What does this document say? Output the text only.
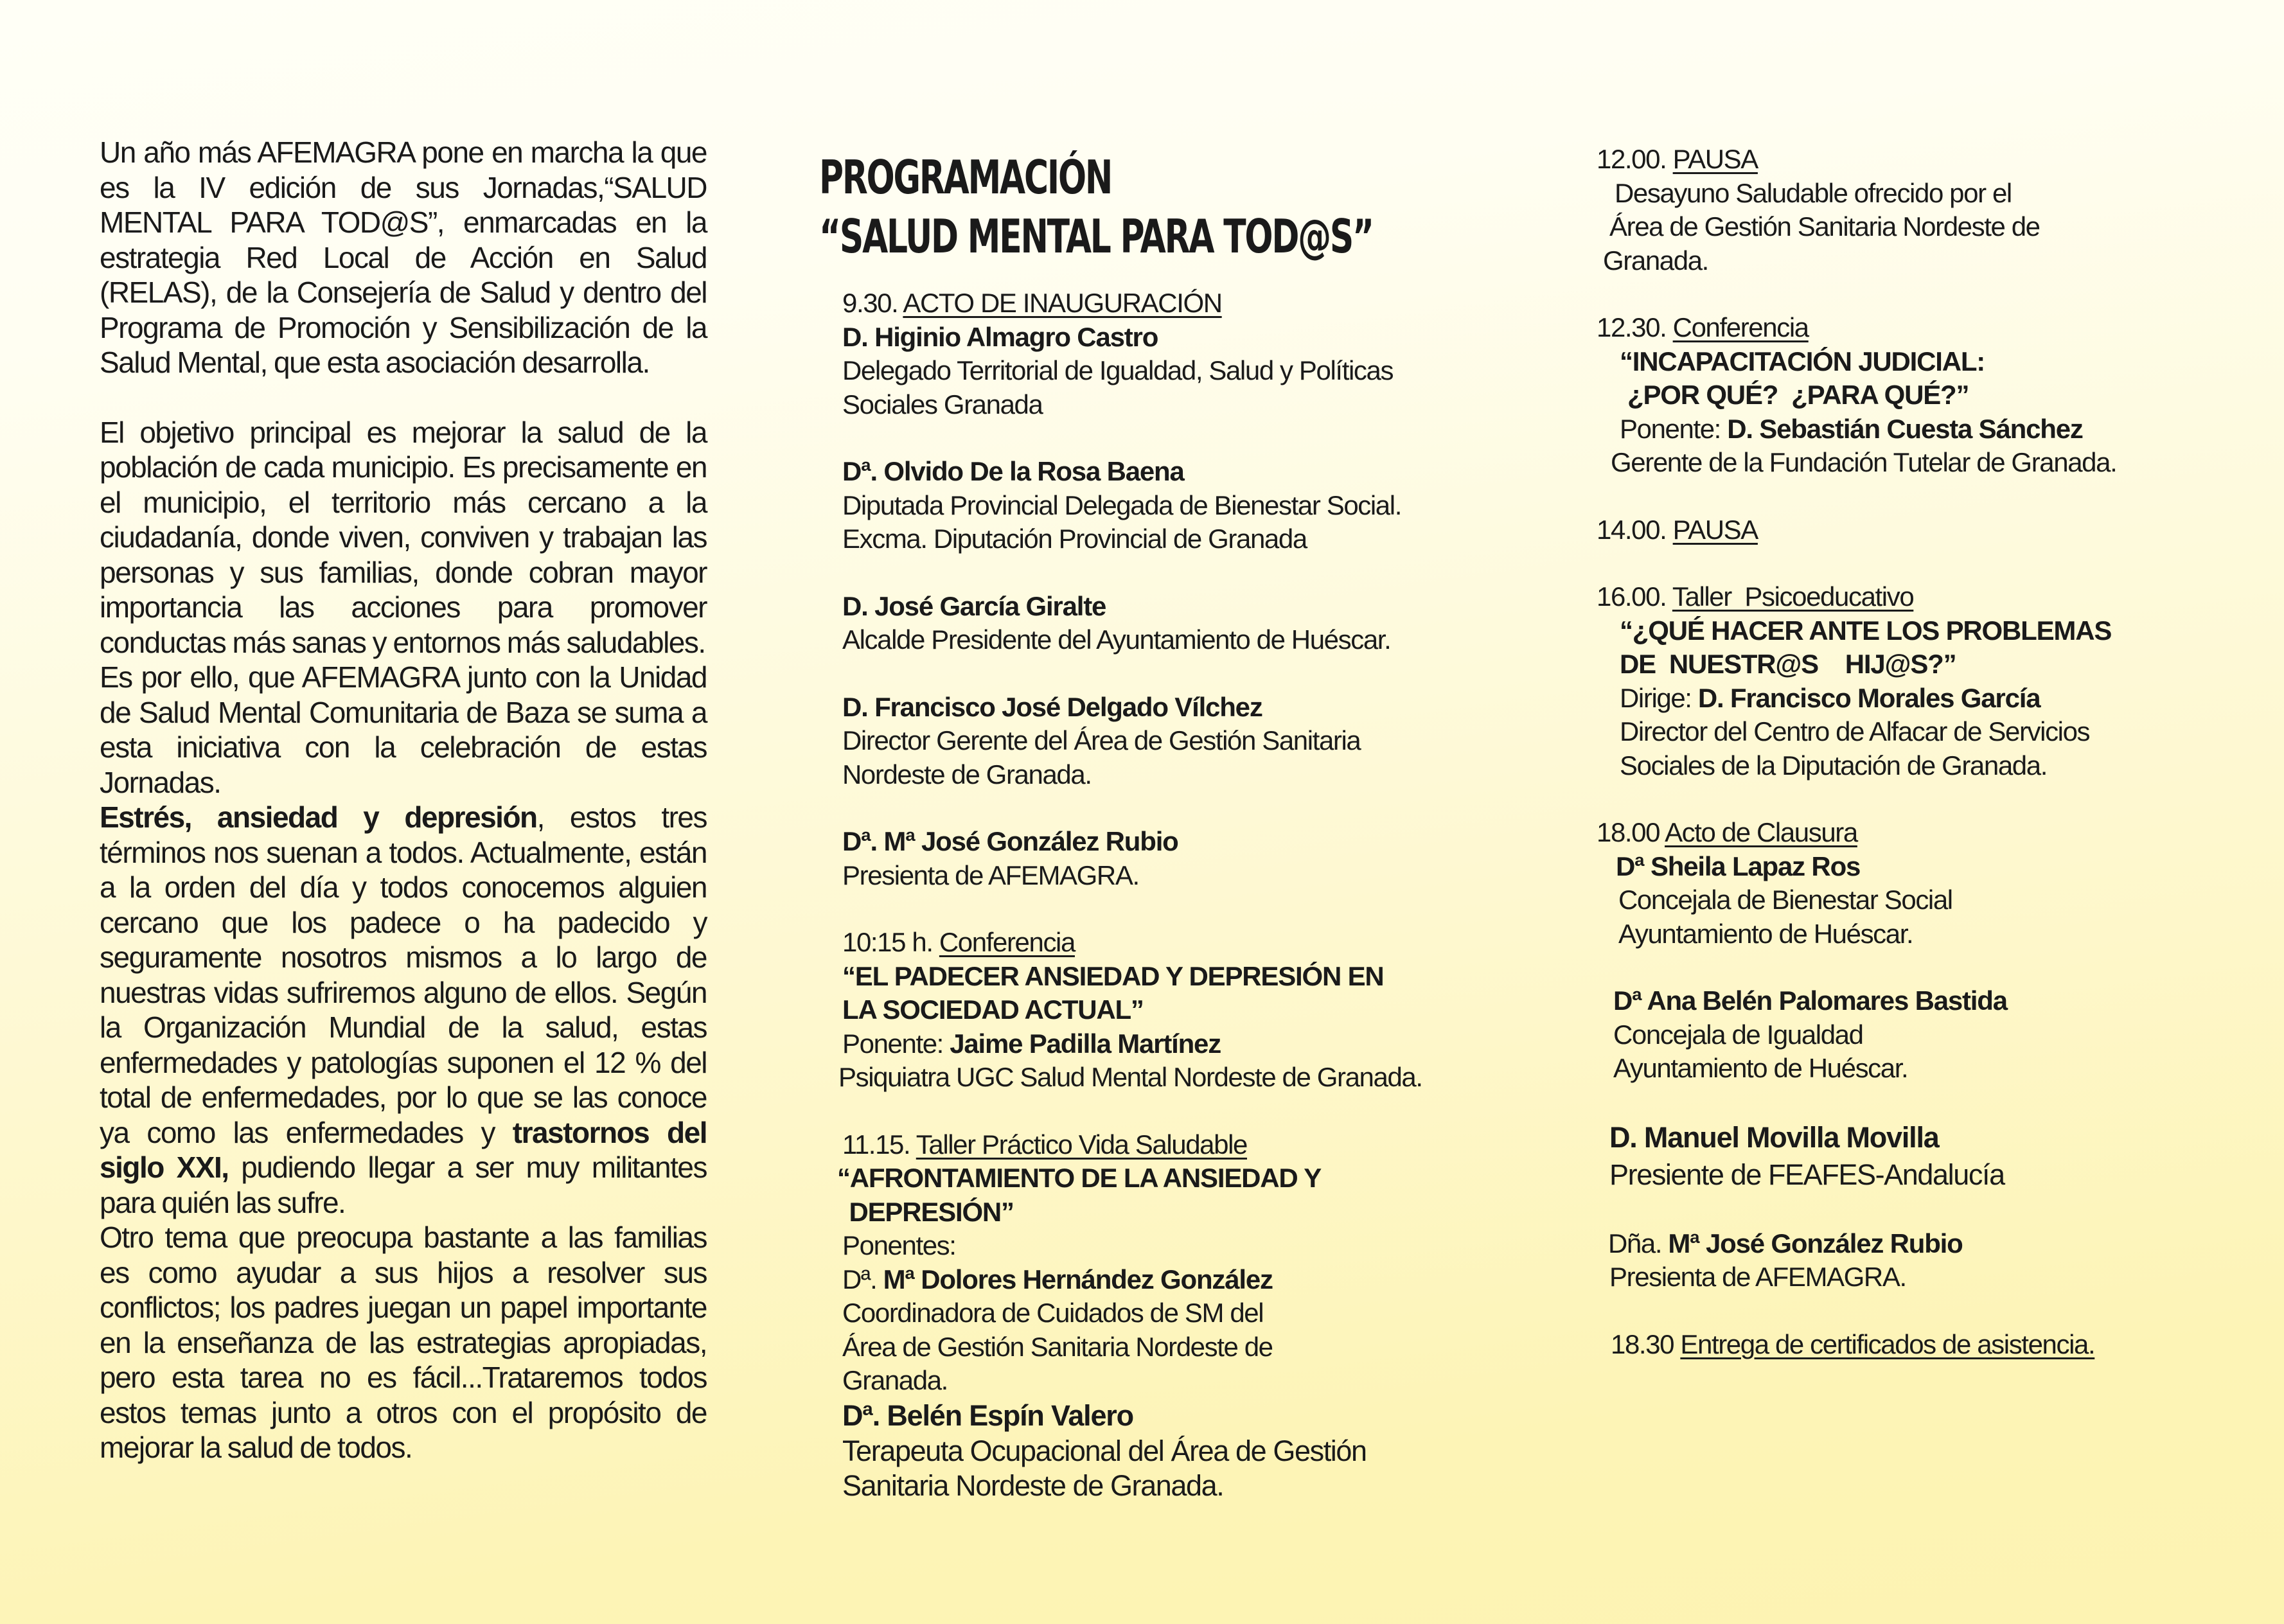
Un año más AFEMAGRA pone en marcha la que es la IV edición de sus Jornadas,“SALUD MENTAL PARA TOD@S”, enmarcadas en la estrategia Red Local de Acción en Salud (RELAS), de la Consejería de Salud y dentro del Programa de Promoción y Sensibilización de la Salud Mental, que esta asociación desarrolla.

El objetivo principal es mejorar la salud de la población de cada municipio. Es precisamente en el municipio, el territorio más cercano a la ciudadanía, donde viven, conviven y trabajan las personas y sus familias, donde cobran mayor importancia las acciones para promover conductas más sanas y entornos más saludables.

Es por ello, que AFEMAGRA junto con la Unidad de Salud Mental Comunitaria de Baza se suma a esta iniciativa con la celebración de estas Jornadas.

Estrés, ansiedad y depresión, estos tres términos nos suenan a todos. Actualmente, están a la orden del día y todos conocemos alguien cercano que los padece o ha padecido y seguramente nosotros mismos a lo largo de nuestras vidas sufriremos alguno de ellos. Según la Organización Mundial de la salud, estas enfermedades y patologías suponen el 12 % del total de enfermedades, por lo que se las conoce ya como las enfermedades y trastornos del siglo XXI, pudiendo llegar a ser muy militantes para quién las sufre.

Otro tema que preocupa bastante a las familias es como ayudar a sus hijos a resolver sus conflictos; los padres juegan un papel importante en la enseñanza de las estrategias apropiadas, pero esta tarea no es fácil...Trataremos todos estos temas junto a otros con el propósito de mejorar la salud de todos.

PROGRAMACIÓN
“SALUD MENTAL PARA TOD@S”
9.30. ACTO DE INAUGURACIÓN
D. Higinio Almagro Castro
Delegado Territorial de Igualdad, Salud y Políticas
Sociales Granada
Dª. Olvido De la Rosa Baena
Diputada Provincial Delegada de Bienestar Social.
Excma. Diputación Provincial de Granada
D. José García Giralte
Alcalde Presidente del Ayuntamiento de Huéscar.
D. Francisco José Delgado Vílchez
Director Gerente del Área de Gestión Sanitaria
Nordeste de Granada.
Dª. Mª José González Rubio
Presienta de AFEMAGRA.
10:15 h. Conferencia
“EL PADECER ANSIEDAD Y DEPRESIÓN EN
LA SOCIEDAD ACTUAL”
Ponente: Jaime Padilla Martínez
Psiquiatra UGC Salud Mental Nordeste de Granada.
11.15. Taller Práctico Vida Saludable
“AFRONTAMIENTO DE LA ANSIEDAD Y
DEPRESIÓN”
Ponentes:
Dª. Mª Dolores Hernández González
Coordinadora de Cuidados de SM del
Área de Gestión Sanitaria Nordeste de
Granada.
Dª. Belén Espín Valero
Terapeuta Ocupacional del Área de Gestión
Sanitaria Nordeste de Granada.
12.00. PAUSA
Desayuno Saludable ofrecido por el
Área de Gestión Sanitaria Nordeste de
Granada.
12.30. Conferencia
“INCAPACITACIÓN JUDICIAL:
¿POR QUÉ?  ¿PARA QUÉ?”
Ponente: D. Sebastián Cuesta Sánchez
Gerente de la Fundación Tutelar de Granada.
14.00. PAUSA
16.00. Taller  Psicoeducativo
“¿QUÉ HACER ANTE LOS PROBLEMAS
DE  NUESTR@S    HIJ@S?”
Dirige: D. Francisco Morales García
Director del Centro de Alfacar de Servicios
Sociales de la Diputación de Granada.
18.00 Acto de Clausura
Dª Sheila Lapaz Ros
Concejala de Bienestar Social
Ayuntamiento de Huéscar.
Dª Ana Belén Palomares Bastida
Concejala de Igualdad
Ayuntamiento de Huéscar.
D. Manuel Movilla Movilla
Presiente de FEAFES-Andalucía
Dña. Mª José González Rubio
Presienta de AFEMAGRA.
18.30 Entrega de certificados de asistencia.
